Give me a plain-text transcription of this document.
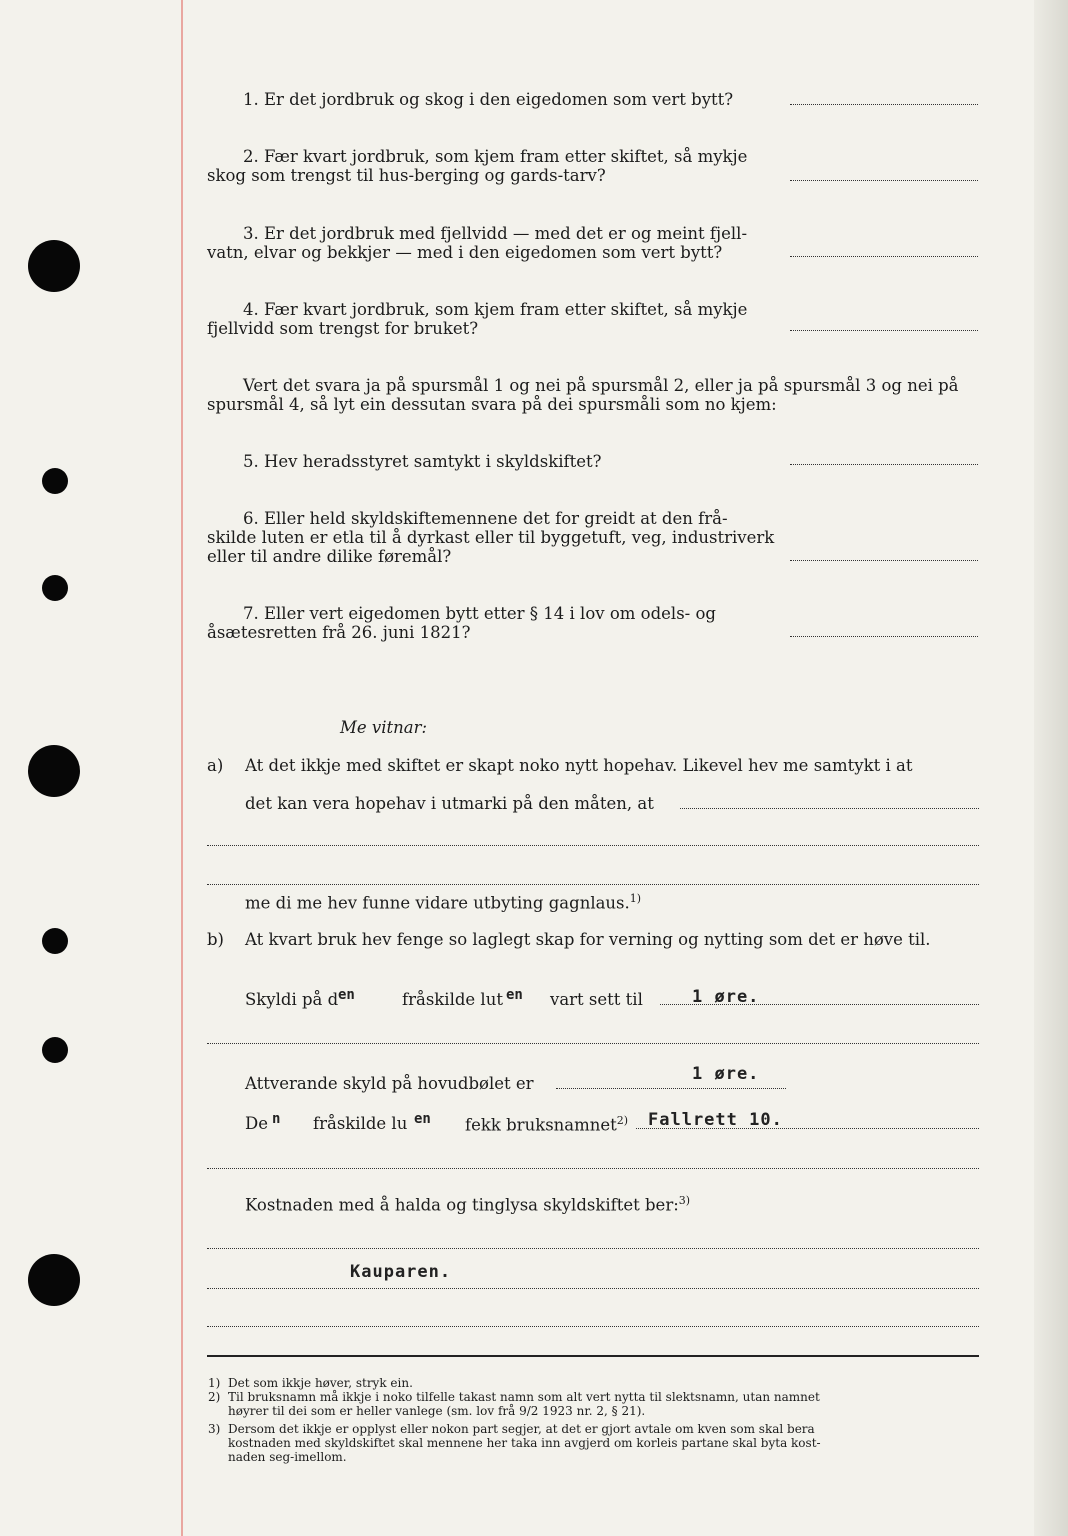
1. Er det jordbruk og skog i den eigedomen som vert bytt?
2. Fær kvart jordbruk, som kjem fram etter skiftet, så mykje
skog som trengst til hus-berging og gards-tarv?
3. Er det jordbruk med fjellvidd — med det er og meint fjell-
vatn, elvar og bekkjer — med i den eigedomen som vert bytt?
4. Fær kvart jordbruk, som kjem fram etter skiftet, så mykje
fjellvidd som trengst for bruket?
Vert det svara ja på spursmål 1 og nei på spursmål 2, eller ja på spursmål 3 og nei på
spursmål 4, så lyt ein dessutan svara på dei spursmåli som no kjem:
5. Hev heradsstyret samtykt i skyldskiftet?
6. Eller held skyldskiftemennene det for greidt at den frå-
skilde luten er etla til å dyrkast eller til byggetuft, veg, industriverk
eller til andre dilike føremål?
7. Eller vert eigedomen bytt etter § 14 i lov om odels- og
åsætesretten frå 26. juni 1821?
Me vitnar:
a) At det ikkje med skiftet er skapt noko nytt hopehav. Likevel hev me samtykt i at
det kan vera hopehav i utmarki på den måten, at
me di me hev funne vidare utbyting gagnlaus.$^{1)}$
b) At kvart bruk hev fenge so laglegt skap for verning og nytting som det er høve til.
Skyldi på d en	fråskilde lut en vart sett til	1 øre.
Attverande skyld på hovudbølet er	1 øre.
De n fråskilde lu en fekk bruksnamnet$^{2)}$ Fallrett 10.
Kostnaden med å halda og tinglysa skyldskiftet ber:$^{3)}$
Kauparen.
1) Det som ikkje høver, stryk ein.
2) Til bruksnamn må ikkje i noko tilfelle takast namn som alt vert nytta til slektsnamn, utan namnet
høyrer til dei som er heller vanlege (sm. lov frå 9/2 1923 nr. 2, § 21).
3) Dersom det ikkje er opplyst eller nokon part segjer, at det er gjort avtale om kven som skal bera
kostnaden med skyldskiftet skal mennene her taka inn avgjerd om korleis partane skal byta kost-
naden seg-imellom.
